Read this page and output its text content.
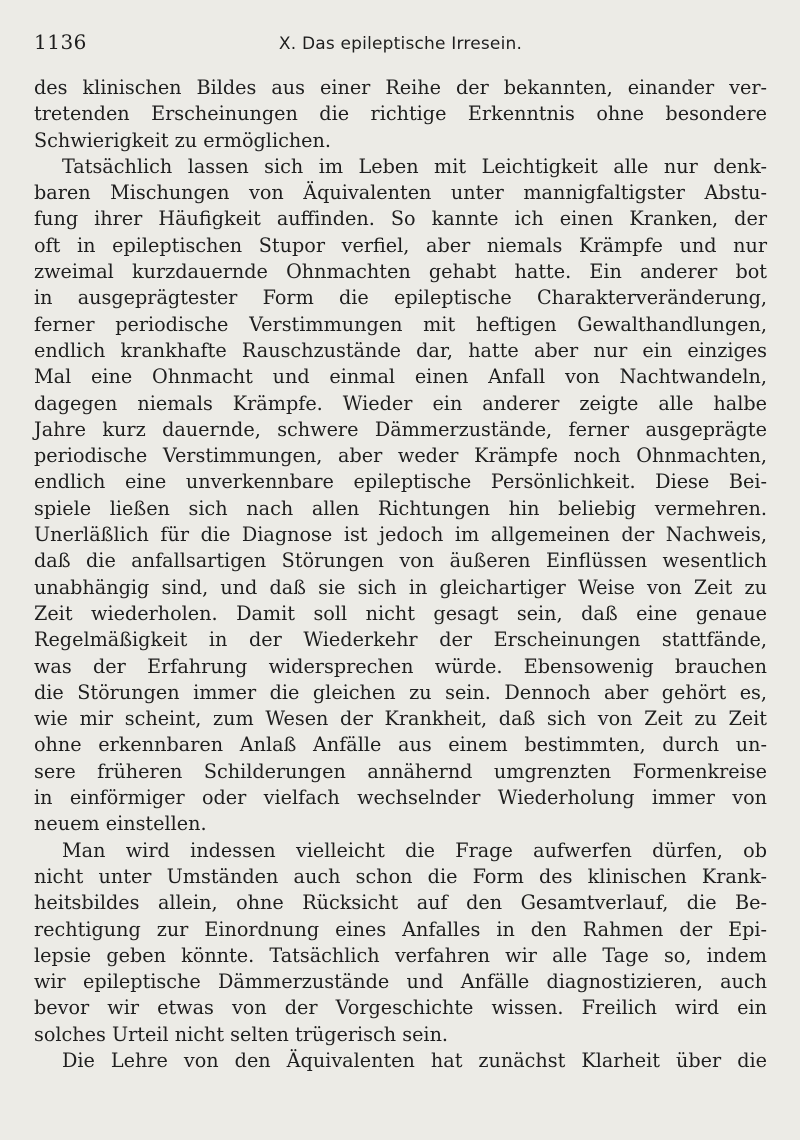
1136	X. Das epileptische Irresein.
des klinischen Bildes aus einer Reihe der bekannten, einander ver-
tretenden Erscheinungen die richtige Erkenntnis ohne besondere
Schwierigkeit zu ermöglichen.
Tatsächlich lassen sich im Leben mit Leichtigkeit alle nur denk-
baren Mischungen von Äquivalenten unter mannigfaltigster Abstu-
fung ihrer Häufigkeit auffinden. So kannte ich einen Kranken, der
oft in epileptischen Stupor verfiel, aber niemals Krämpfe und nur
zweimal kurzdauernde Ohnmachten gehabt hatte. Ein anderer bot
in ausgeprägtester Form die epileptische Charakterveränderung,
ferner periodische Verstimmungen mit heftigen Gewalthandlungen,
endlich krankhafte Rauschzustände dar, hatte aber nur ein einziges
Mal eine Ohnmacht und einmal einen Anfall von Nachtwandeln,
dagegen niemals Krämpfe. Wieder ein anderer zeigte alle halbe
Jahre kurz dauernde, schwere Dämmerzustände, ferner ausgeprägte
periodische Verstimmungen, aber weder Krämpfe noch Ohnmachten,
endlich eine unverkennbare epileptische Persönlichkeit. Diese Bei-
spiele ließen sich nach allen Richtungen hin beliebig vermehren.
Unerläßlich für die Diagnose ist jedoch im allgemeinen der Nachweis,
daß die anfallsartigen Störungen von äußeren Einflüssen wesentlich
unabhängig sind, und daß sie sich in gleichartiger Weise von Zeit zu
Zeit wiederholen. Damit soll nicht gesagt sein, daß eine genaue
Regelmäßigkeit in der Wiederkehr der Erscheinungen stattfände,
was der Erfahrung widersprechen würde. Ebensowenig brauchen
die Störungen immer die gleichen zu sein. Dennoch aber gehört es,
wie mir scheint, zum Wesen der Krankheit, daß sich von Zeit zu Zeit
ohne erkennbaren Anlaß Anfälle aus einem bestimmten, durch un-
sere früheren Schilderungen annähernd umgrenzten Formenkreise
in einförmiger oder vielfach wechselnder Wiederholung immer von
neuem einstellen.
Man wird indessen vielleicht die Frage aufwerfen dürfen, ob
nicht unter Umständen auch schon die Form des klinischen Krank-
heitsbildes allein, ohne Rücksicht auf den Gesamtverlauf, die Be-
rechtigung zur Einordnung eines Anfalles in den Rahmen der Epi-
lepsie geben könnte. Tatsächlich verfahren wir alle Tage so, indem
wir epileptische Dämmerzustände und Anfälle diagnostizieren, auch
bevor wir etwas von der Vorgeschichte wissen. Freilich wird ein
solches Urteil nicht selten trügerisch sein.
Die Lehre von den Äquivalenten hat zunächst Klarheit über die
